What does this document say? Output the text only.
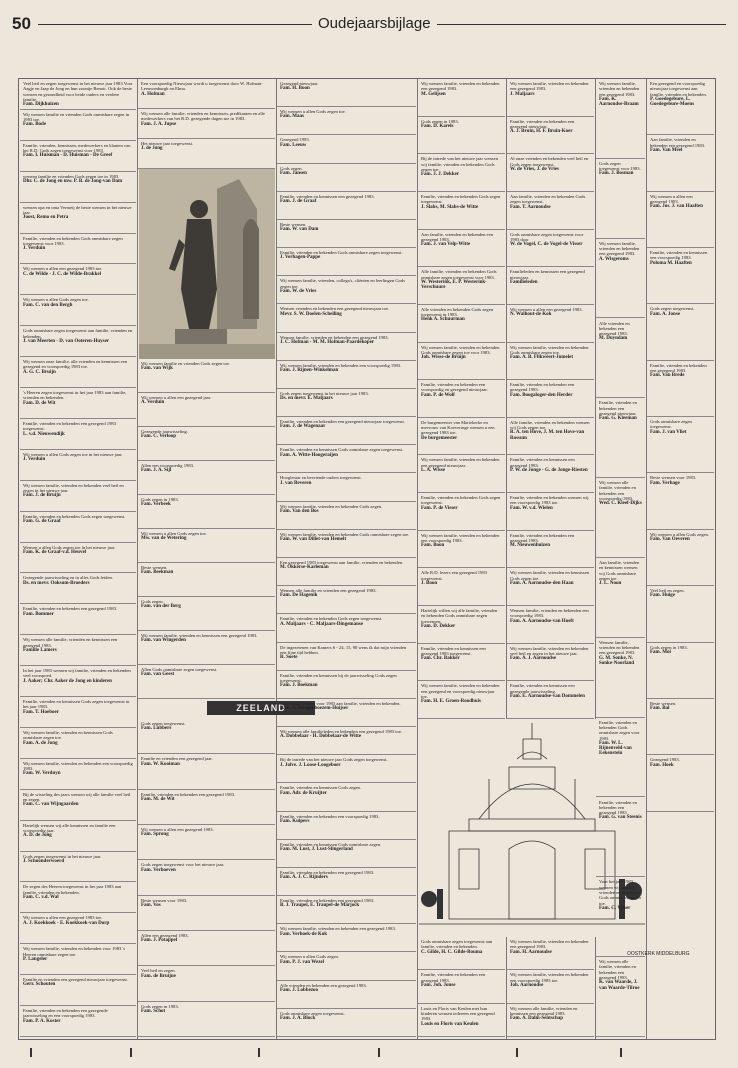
50	Oudejaarsbijlage
ZEELAND
OOSTKERK MIDDELBURG
Veel heil en zegen toegewenst in het nieuwe jaar 1983 Voor Aagje en Jaap de Jong en hun zoontje Benoit. Ook de beste wensen en gezondheid voor beide ouders en verdere familie.
Fam. Dijkhuizen
Wij wensen familie en vrienden Gods onmisbare zegen in 1983 toe.
Fam. Bode
Familie, vrienden, kennissen, medewerkers en klanten van het R.D. Gods zegen toegewenst voor 1983
Fam. I. Huisman - D. Huisman - De Greef
wensen familie en vrienden Gods zegen toe in 1983.
Dhr. C. de Jong en mw. P. B. de Jong-van Dam
wensen opa en oma Vermeij de beste wensen in het nieuwe jaar.
Joost, Remo en Petra
Familie, vrienden en bekenden Gods onmisbare zegen toegewenst voor 1983.
J. Verduin
Wij wensen u allen een gezegend 1983 toe.
C. de Wilde - J. C. de Wilde-Brakkel
Wij wensen u allen Gods zegen toe.
Fam. C. van den Bergh
Gods onmisbare zegen toegewenst aan familie, vrienden en bekenden.
J. van Meerten - D. van Ooteren-Huyser
Wij wensen onze familie, alle vrienden en kennissen een gezegend en voorspoedig 1983 toe.
A. G. C. Bruijn
's Heeren zegen toegewenst in het jaar 1983 aan familie, vrienden en bekenden.
Fam. D. de Wit
Familie, vrienden en bekenden een gezegend 1983 toegewenst.
L. v.d. Nieuwendijk
Wij wensen u allen Gods zegen toe in het nieuwe jaar.
J. Verduin
Wij wensen familie, vrienden en bekenden veel heil en zegen in het nieuwe jaar.
Fam. J. de Bruijn
Familie, vrienden en bekenden Gods zegen toegewenst.
Fam. G. de Graaf
Wensen u allen Gods zegen toe in het nieuwe jaar.
Fam. K. de Graaf-v.d. Heuvel
Gezegende jaarwisseling en in alles Gods leiden.
Ds. en mevr. Ooksum-Broeders
Familie, vrienden en bekenden een gezegend 1983.
Fam. Bommer
Wij wensen alle familie, vrienden en kennissen een gezegend 1983.
Familie Lamers
In het jaar 1983 wensen wij familie, vrienden en bekenden veel voorspoed.
J. Aaker; Chr. Aaker de Jong en kinderen
Familie, vrienden en kennissen Gods zegen toegewenst in het jaar 1983.
Fam. T. Hoeboer
Wij wensen familie, vrienden en kennissen Gods onmisbare zegen toe.
Fam. A. de Jong
Wij wensen familie, vrienden en bekenden een voorspoedig 1983.
Fam. W. Verduyn
Bij de wisseling des jaars wensen wij alle familie veel heil en zegen.
Fam. C. van Wijngaarden
Hartelijk wensen wij alle kennissen en familie een voorspoedig jaar.
A. D. de Jong
Gods zegen toegewenst in het nieuwe jaar.
J. Schoonderwoerd
De zegen des Heeren toegewenst in het jaar 1983 aan familie, vrienden en bekenden.
Fam. C. v.d. Wal
Wij wensen u allen een gezegend 1983 toe.
A. J. Koekkoek - E. Koekkoek-van Dorp
Wij wensen familie, vrienden en bekenden voor 1983 's Heeren onmisbare zegen toe.
P. Langeler
Familie en vrienden een gezegend nieuwjaar toegewenst.
Gerr. Schouten
Familie, vrienden en bekenden een gezegende jaarwisseling en een voorspoedig 1983.
Fam. P. A. Koster
Een voorspoedig Nieuwjaar wordt u toegewenst door W. Hofman-Leeuwenburgh en Elma.
A. Hofman
Wij wensen alle familie, vrienden en kennissen, predikanten en alle medewerkers van het R.D. gezegende dagen toe in 1983.
Fam. J. A. Jupse
Het nieuwe jaar toegewenst.
J. de Jong
Wij wensen familie en vrienden Gods zegen toe.
Fam. van Wijk
Wij wensen u allen een gezegend jaar.
A. Verduin
Gezegende jaarwisseling.
Fam. C. Verloop
Allen een voorspoedig 1983.
Fam. J. A. Sijl
Gods zegen in 1983.
Fam. Verbeek
Wij wensen u allen Gods zegen toe.
Mw. van de Wetering
Beste wensen.
Fam. Beekman
Gods zegen.
Fam. van der Berg
Wij wensen familie, vrienden en kennissen een gezegend 1983.
Fam. van Wingerden
Allen Gods onmisbare zegen toegewenst.
Fam. van Geest
Gods zegen toegewenst.
Fam. Lubbers
Familie en vrienden een gezegend jaar.
Fam. W. Kooiman
Familie, vrienden en bekenden een gezegend 1983.
Fam. M. de Wit
Wij wensen u allen een gezegend 1983.
Fam. Sprong
Gods zegen toegewenst voor het nieuwe jaar.
Fam. Verhoeven
Beste wensen voor 1983.
Fam. Vos
Allen een gezegend 1983.
Fam. J. Potappel
Veel heil en zegen.
Fam. de Bruijne
Gods zegen in 1983.
Fam. Schot
Gezegend nieuwjaar.
Fam. H. Boon
Wij wensen u allen Gods zegen toe.
Fam. Maas
Gezegend 1983.
Fam. Leeuw
Gods zegen.
Fam. Jansen
Familie, vrienden en kennissen een gezegend 1983.
Fam. J. de Graaf
Beste wensen.
Fam. W. van Dam
Familie, vrienden en bekenden Gods onmisbare zegen toegewenst.
J. Verhagen-Pappe
Wij wensen familie, vrienden, collega's, cliënten en leerlingen Gods zegen toe.
Fam. W. de Vries
Wensen vrienden en bekenden een gezegend nieuwjaar toe.
Mevr. S. W. Doelen-Schelling
Wensen familie, vrienden en bekenden een gezegend 1983.
J. C. Hofman - M. M. Hofman-Paardekoper
Wij wensen familie, vrienden en bekenden een voorspoedig 1983.
Fam. J. Rijnen-Winkelman
Gods zegen toegewenst in het nieuwe jaar 1983.
Ds. en mevr. E. Maljaars
Familie, vrienden en bekenden een gezegend nieuwjaar toegewenst.
Fam. J. de Wagenaar
Familie, vrienden en kennissen Gods onmisbare zegen toegewenst.
Fam. A. Witte-Hoogeraijen
Hoogleraar en bevriende ouders toegewenst.
J. van Beveren
Wij wensen familie, vrienden en bekenden Gods zegen.
Fam. Van den Bos
Wij wensen familie, vrienden en bekenden Gods onmisbare zegen toe.
Fam. W. van Dillet-van Hemelt
Een gezegend 1983 toegewenst aan familie, vrienden en bekenden.
M. Okkerse-Karleman
Wensen alle familie en vrienden een gezegend 1983.
Fam. De Hagenik
Familie, vrienden en bekenden Gods zegen toegewenst.
A. Maljaars - C. Maljaars-Dingemanse
De ingezetenen van Kamers 6 - 24, 15, 90 wens ik dat mijn vrienden een fijne tijd hebben.
R. Soete
Familie, vrienden en kennissen bij de jaarwisseling Gods zegen toegewenst.
Fam. J. Boekman
Onze beste wensen voor 1983 aan familie, vrienden en bekenden.
Fam. A. Hoogenboezem-Huijser
Wij wensen alle familieleden en bekenden een gezegend 1983 toe.
A. Dobbelaar - H. Dobbelaar-de Witte
Bij de intrede van het nieuwe jaar Gods zegen toegewenst.
J. Jolve. J. Loose-Loogeboer
Familie, vrienden en kennissen Gods zegen.
Fam. Adr. de Kruijter
Familie, vrienden en bekenden een voorspoedig 1983.
Fam. Kuipers
Familie, vrienden en kennissen Gods onmisbare zegen.
Fam. M. Lust, J. Lust-Slingerland
Familie, vrienden en bekenden een gezegend 1983.
Fam. A. J. C. Rijnders
Familie, vrienden en bekenden een gezegend 1983.
B. J. Traupel, E. Traupel-de Marjock
Wij wensen familie, vrienden en bekenden een gezegend 1983.
Fam. Verhoek-de Kok
Wij wensen u allen Gods zegen.
Fam. P. J. van Wezel
Alle vrienden en bekenden een gezegend 1983.
Fam. J. Lobbezoo
Gods onmisbare zegen toegewenst.
Fam. J. A. Block
Wij wensen familie, vrienden en bekenden een gezegend 1983.
M. Gelijsen
Gods zegen in 1983.
Fam. D. Karels
Bij de intrede van het nieuwe jaar wensen wij familie, vrienden en bekenden Gods zegen toe.
Fam. J. J. Dekker
Familie, vrienden en bekenden Gods zegen toegewenst.
J. Slabs, M. Slabs-de Witte
Aan familie, vrienden en bekenden een gezegend 1983.
Fam. J. van Velp-Witte
Alle familie, vrienden en bekenden Gods onmisbare zegen toegewenst voor 1983.
W. Westerink, E. P. Westerink-Verschuure
Alle vrienden en bekenden Gods zegen toegewenst in 1983.
Henk A. Schuurman
Wij wensen familie, vrienden en bekenden Gods onmisbare zegen toe voor 1983.
Joh. Wisse-de Bruijn
Familie, vrienden en bekenden een voorspoedig en gezegend nieuwjaar.
Fam. P. de Wolf
De burgemeester van Mariekerke en mevrouw van Koeveringe wensen u een gezegend 1983 toe.
De burgemeester
Wij wensen familie, vrienden en bekenden een gezegend nieuwjaar.
L. A. Wisse
Familie, vrienden en bekenden Gods zegen toegewenst.
Fam. P. de Visser
Wij wensen familie, vrienden en bekenden een voorspoedig 1983.
Fam. Boon
Alle R.D. lezers een gezegend 1983 toegewenst.
J. Boon
Hartelijk willen wij alle familie, vrienden en bekenden Gods onmisbare zegen toewensen.
Fam. D. Dekker
Familie, vrienden en kennissen een gezegend 1983 toegewenst.
Fam. Chr. Bakker
Wij wensen familie, vrienden en bekenden een gezegend en voorspoedig nieuwjaar toe.
Fam. H. E. Groen-Roodhuis
Gods onmisbare zegen toegewenst aan familie, vrienden en bekenden.
C. Gilde, H. C. Gilde-Bouma
Familie, vrienden en bekenden een gezegend 1983.
Fam. Joh. Jonse
Louis en Floris van Keulen met hun kinderen wensen iedereen een gezegend 1983.
Louis en Floris van Keulen
Wij wensen familie, vrienden en bekenden een gezegend 1983.
J. Maljaars
Familie, vrienden en bekenden een gezegend nieuwjaar.
A. J. Bruin, H. F. Bruin-Koer
Al onze vrienden en bekenden veel heil en Gods zegen toegewenst.
W. de Vries, J. de Vries
Aan familie, vrienden en bekenden Gods zegen toegewenst.
Fam. T. Aarnoudse
Gods onmisbare zegen toegewenst voor 1983 door
W. de Vogel, C. de Vogel-de Visser
Familieleden en kennissen een gezegend nieuwjaar.
Familieleden
Wij wensen u allen een gezegend 1983.
N. Walhout-de Kok
Wij wensen familie, vrienden en bekenden Gods onmisbare zegen toe.
Fam. A. B. Flikweert-Jumelet
Familie, vrienden en bekenden een gezegend 1983.
Fam. Boogaloger-den Herder
Alle familie, vrienden en bekenden wensen wij Gods zegen toe.
R. A. ten Hove, J. M. ten Hove-van Rossum
Familie, vrienden en kennissen een gezegend 1983.
P. W. de Jonge - G. de Jonge-Riesten
Familie, vrienden en bekenden wensen wij een voorspoedig 1983 toe.
Fam. W. v.d. Wielen
Familie, vrienden en bekenden een gezegend 1983.
M. Nieuwenhuizen
Wij wensen familie, vrienden en kennissen Gods zegen toe.
Fam. A. Aarnoudse-den Haan
Wensen familie, vrienden en bekenden een voorspoedig 1983.
Fam. A. Aarnoudse-van Hoeft
Wij wensen familie, vrienden en bekenden veel heil en zegen in het nieuwe jaar.
Fam. A. J. Aarnoudse
Familie, vrienden en kennissen een gezegende jaarwisseling.
Fam. E. Aarnoudse-van Dommelen
Wij wensen familie, vrienden en bekenden een gezegend 1983.
Fam. H. Aarnoudse
Wij wensen familie, vrienden en bekenden een voorspoedig 1983 toe.
Joh. Aarnoudse
Wij wensen alle familie, vrienden en kennissen een gezegend 1983.
Fam. A. Dalm-Sentschap
Wij wensen familie, vrienden en bekenden een gezegend 1983.
Fam. K. Aarnoudse-Braam
Gods zegen toegewenst voor 1983.
Fam. J. Bosman
Wij wensen familie, vrienden en bekenden een gezegend 1983.
A. Wisgeroms
Alle vrienden en bekenden een gezegend 1983.
M. Duyndam
Familie, vrienden en bekenden een gezegend nieuwjaar.
Fam. G. Kleeman
Wij wensen alle familie, vrienden en bekenden een voorspoedig 1983.
Wed. C. Kleef-Dijks
Aan familie, vrienden en kennissen wensen wij Gods onmisbare zegen toe.
J. L. Noon
Wensen familie, vrienden en bekenden een gezegend 1983.
G. M. Sonke, N. Sonke-Noorland
Familie, vrienden en bekenden Gods onmisbare zegen voor 1983.
Fam. W. L. Rijnenveld-van Eekenstein
Familie, vrienden en bekenden een gezegend 1983.
Fam. G. van Steenis
Voor het jaar 1983 wensen wij familie, vrienden en kennissen Gods onmisbare zegen toe.
Fam. C. Visser
Wij wensen alle familie, vrienden en bekenden een gezegend 1983.
K. van Waarde, J. van Waarde-Tilroe
Een gezegend en voorspoedig nieuwjaar toegewenst aan familie, vrienden en bekenden.
P. Goedegebure, L. Goedegebure-Moens
Aan familie, vrienden en bekenden een gezegend 1983.
Fam. Van Meel
Wij wensen u allen een gezegend 1983.
Fam. Jos. J. van Haaften
Familie, vrienden en kennissen een voorspoedig 1983.
Poloma M. Haaften
Gods zegen toegewenst.
Fam. A. Jonse
Familie, vrienden en bekenden een gezegend 1983.
Fam. Van Brede
Gods onmisbare zegen toegewenst.
Fam. J. van Vliet
Beste wensen voor 1983.
Fam. Verhage
Wij wensen u allen Gods zegen.
Fam. Van Oeveren
Veel heil en zegen.
Fam. Huige
Gods zegen in 1983.
Fam. Mol
Beste wensen.
Fam. Bal
Gezegend 1983.
Fam. Hoek
